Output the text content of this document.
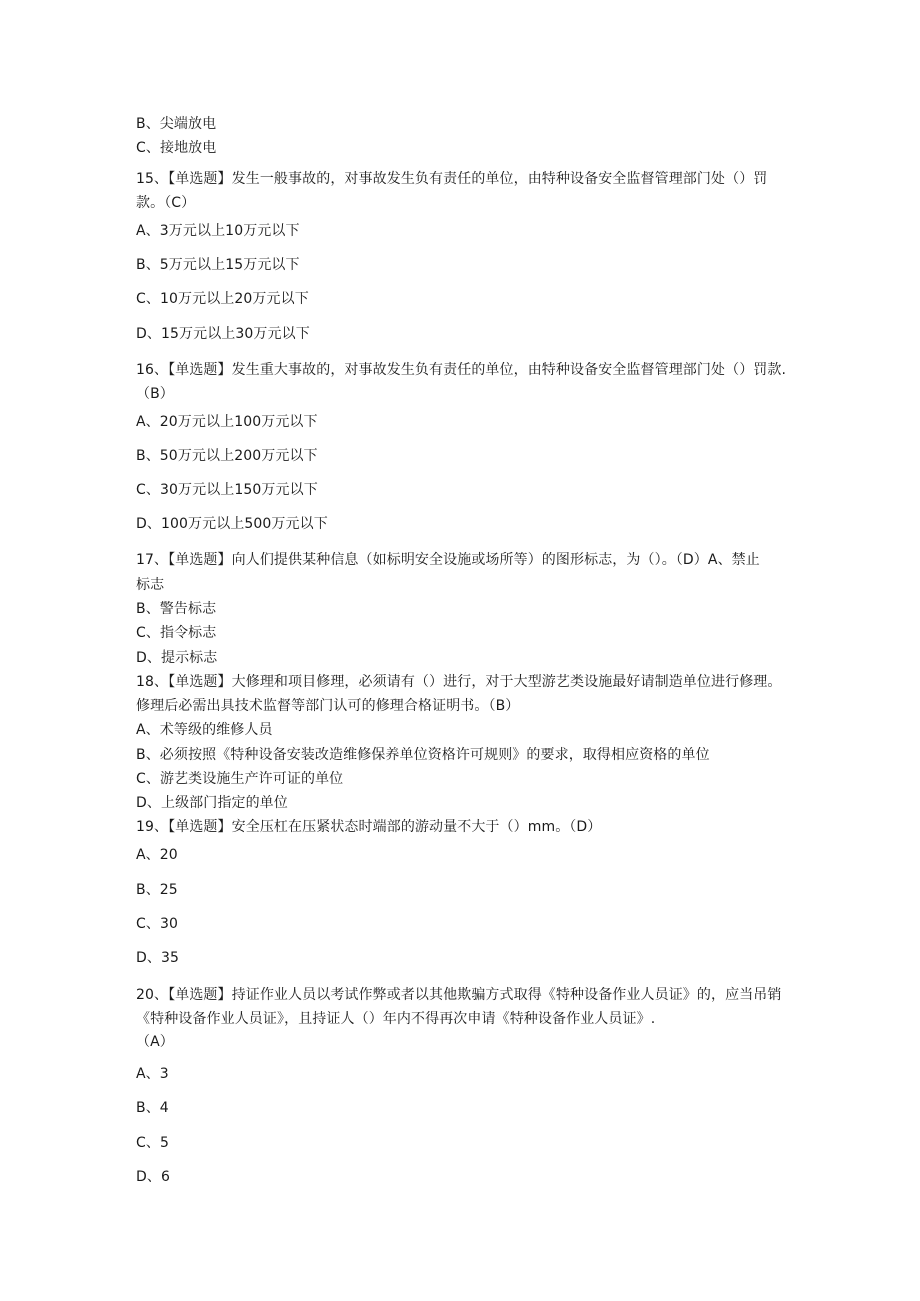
B、尖端放电
C、接地放电
15、【单选题】发生一般事故的，对事故发生负有责任的单位，由特种设备安全监督管理部门处（）罚
款。（C）
A、3万元以上10万元以下
B、5万元以上15万元以下
C、10万元以上20万元以下
D、15万元以上30万元以下
16、【单选题】发生重大事故的，对事故发生负有责任的单位，由特种设备安全监督管理部门处（）罚款.
（B）
A、20万元以上100万元以下
B、50万元以上200万元以下
C、30万元以上150万元以下
D、100万元以上500万元以下
17、【单选题】向人们提供某种信息（如标明安全设施或场所等）的图形标志，为（）。（D）A、禁止
标志
B、警告标志
C、指令标志
D、提示标志
18、【单选题】大修理和项目修理，必须请有（）进行，对于大型游艺类设施最好请制造单位进行修理。
修理后必需出具技术监督等部门认可的修理合格证明书。（B）
A、术等级的维修人员
B、必须按照《特种设备安装改造维修保养单位资格许可规则》的要求，取得相应资格的单位
C、游艺类设施生产许可证的单位
D、上级部门指定的单位
19、【单选题】安全压杠在压紧状态时端部的游动量不大于（）mm。（D）
A、20
B、25
C、30
D、35
20、【单选题】持证作业人员以考试作弊或者以其他欺骗方式取得《特种设备作业人员证》的，应当吊销
《特种设备作业人员证》，且持证人（）年内不得再次申请《特种设备作业人员证》.
（A）
A、3
B、4
C、5
D、6
